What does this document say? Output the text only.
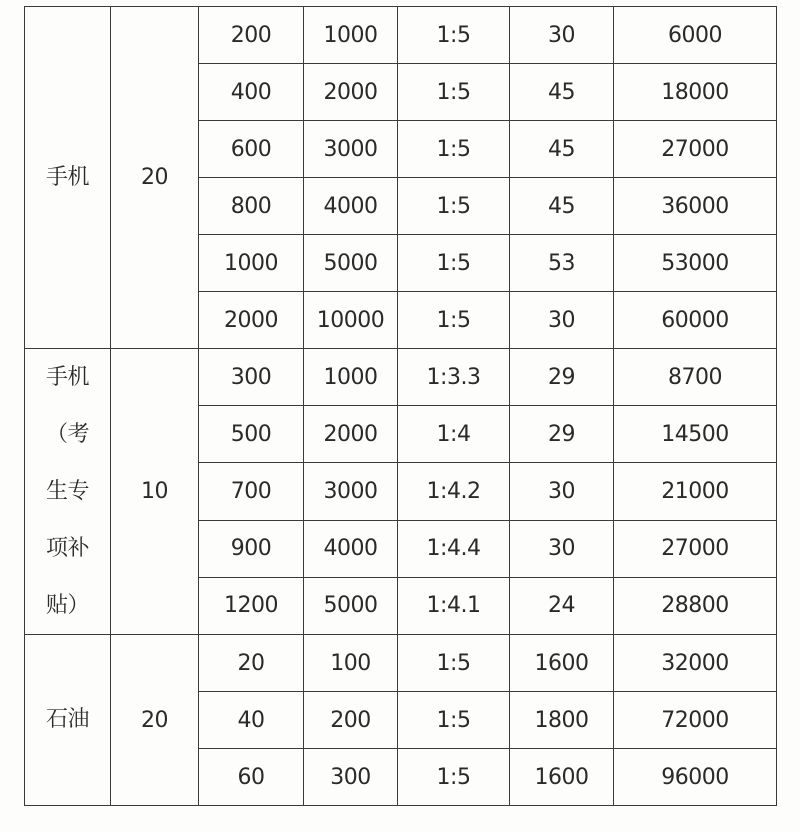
手机	20	200	1000	1:5	30	6000
		400	2000	1:5	45	18000
		600	3000	1:5	45	27000
		800	4000	1:5	45	36000
		1000	5000	1:5	53	53000
		2000	10000	1:5	30	60000
手机
（考
生专
项补
贴）	10	300	1000	1:3.3	29	8700
		500	2000	1:4	29	14500
		700	3000	1:4.2	30	21000
		900	4000	1:4.4	30	27000
		1200	5000	1:4.1	24	28800
石油	20	20	100	1:5	1600	32000
		40	200	1:5	1800	72000
		60	300	1:5	1600	96000
